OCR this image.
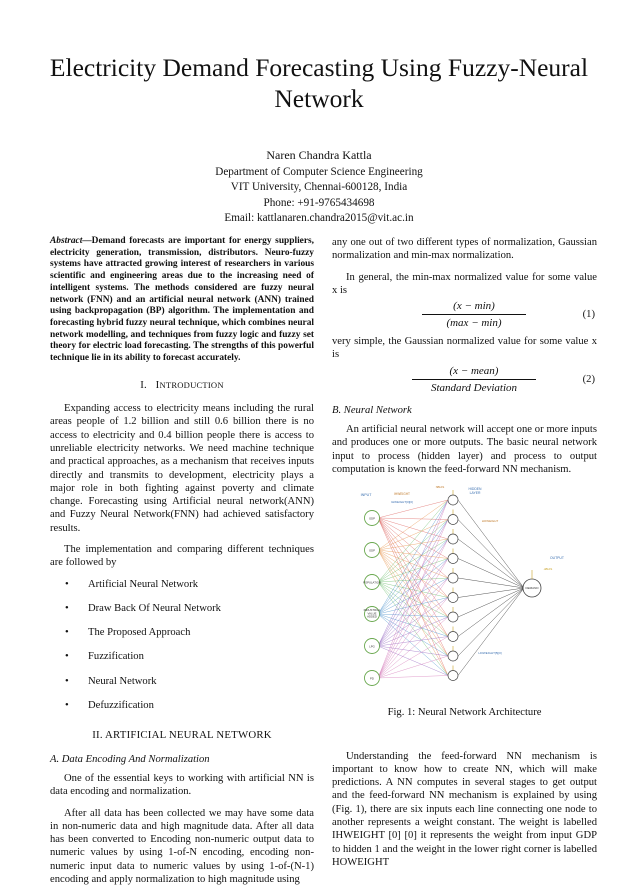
Electricity Demand Forecasting Using Fuzzy-Neural Network
Naren Chandra Kattla
Department of Computer Science Engineering
VIT University, Chennai-600128, India
Phone: +91-9765434698
Email: kattlanaren.chandra2015@vit.ac.in

Abstract—Demand forecasts are important for energy suppliers, electricity generation, transmission, distributors. Neuro-fuzzy systems have attracted growing interest of researchers in various scientific and engineering areas due to the increasing need of intelligent systems. The methods considered are fuzzy neural network (FNN) and an artificial neural network (ANN) trained using backpropagation (BP) algorithm. The implementation and forecasting hybrid fuzzy neural technique, which combines neural network modelling, and techniques from fuzzy logic and fuzzy set theory for electric load forecasting. The strengths of this powerful technique lie in its ability to forecast accurately.

I. INTRODUCTION

Expanding access to electricity means including the rural areas people of 1.2 billion and still 0.6 billion there is no access to electricity and 0.4 billion people there is access to unreliable electricity networks. We need machine technique and practical approaches, as a mechanism that receives inputs directly and transmits to development, electricity plays a major role in both fighting against poverty and climate change. Forecasting using Artificial neural network(ANN) and Fuzzy Neural Network(FNN) had achieved satisfactory results.

The implementation and comparing different techniques are followed by

• Artificial Neural Network
• Draw Back Of Neural Network
• The Proposed Approach
• Fuzzification
• Neural Network
• Defuzzification
II. ARTIFICIAL NEURAL NETWORK
A. Data Encoding And Normalization

One of the essential keys to working with artificial NN is data encoding and normalization.

After all data has been collected we may have some data in non-numeric data and high magnitude data. After all data has been converted to Encoding non-numeric output data to numeric values by using 1-of-N encoding, encoding non-numeric input data to numeric values by using 1-of-(N-1) encoding and apply normalization to high magnitude using

any one out of two different types of normalization, Gaussian normalization and min-max normalization.

In general, the min-max normalized value for some value x is

(x − min)
(max − min)
(1)

very simple, the Gaussian normalized value for some value x is

(x − mean)
Standard Deviation
(2)
B. Neural Network

An artificial neural network will accept one or more inputs and produces one or more outputs. The basic neural network input to process (hidden layer) and process to output computation is known the feed-forward NN mechanism.

GDP
GDP
POPULATION
INDUSTRIAL VALUE ADDED
LPG
PD
DEMAND
INPUT	IHWEIGHT
IHWEIGHT[0][0]
hBIAS	HIDDEN LAYER
HOWEIGHT
OUTPUT
oBIAS
HOWEIGHT[5][0]
Fig. 1: Neural Network Architecture

Understanding the feed-forward NN mechanism is important to know how to create NN, which will make predictions. A NN computes in several stages to get output and the feed-forward NN mechanism is explained by using (Fig. 1), there are six inputs each line connecting one node to another represents a weight constant. The weight is labelled IHWEIGHT [0] [0] it represents the weight from input GDP to hidden 1 and the weight in the lower right corner is labelled HOWEIGHT
